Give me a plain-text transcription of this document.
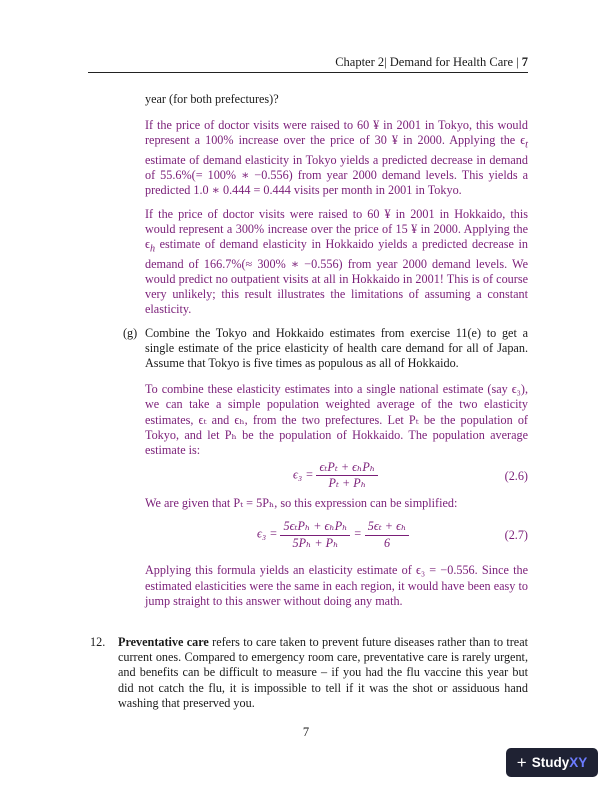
Chapter 2| Demand for Health Care | 7

year (for both prefectures)?

If the price of doctor visits were raised to 60 ¥ in 2001 in Tokyo, this would represent a 100% increase over the price of 30 ¥ in 2000. Applying the $\epsilon_t$ estimate of demand elasticity in Tokyo yields a predicted decrease in demand of 55.6%(= 100% ∗ −0.556) from year 2000 demand levels. This yields a predicted 1.0 ∗ 0.444 = 0.444 visits per month in 2001 in Tokyo.

If the price of doctor visits were raised to 60 ¥ in 2001 in Hokkaido, this would represent a 300% increase over the price of 15 ¥ in 2000. Applying the $\epsilon_h$ estimate of demand elasticity in Hokkaido yields a predicted decrease in demand of 166.7%(≈ 300% ∗ −0.556) from year 2000 demand levels. We would predict no outpatient visits at all in Hokkaido in 2001! This is of course very unlikely; this result illustrates the limitations of assuming a constant elasticity.

(g) Combine the Tokyo and Hokkaido estimates from exercise 11(e) to get a single estimate of the price elasticity of health care demand for all of Japan. Assume that Tokyo is five times as populous as all of Hokkaido.

To combine these elasticity estimates into a single national estimate (say ϵ₃), we can take a simple population weighted average of the two elasticity estimates, ϵₜ and ϵₕ, from the two prefectures. Let Pₜ be the population of Tokyo, and let Pₕ be the population of Hokkaido. The population average estimate is:

$\epsilon_3 = \frac{\text{ϵₜPₜ + ϵₕPₕ}}{\text{Pₜ + Pₕ}}$	(2.6)

We are given that Pₜ = 5Pₕ, so this expression can be simplified:

$\epsilon_3 = \frac{\text{5ϵₜPₕ + ϵₕPₕ}}{\text{5Pₕ + Pₕ}} = \frac{\text{5ϵₜ + ϵₕ}}{6}$	(2.7)

Applying this formula yields an elasticity estimate of ϵ₃ = −0.556. Since the estimated elasticities were the same in each region, it would have been easy to jump straight to this answer without doing any math.

12. Preventative care refers to care taken to prevent future diseases rather than to treat current ones. Compared to emergency room care, preventative care is rarely urgent, and benefits can be difficult to measure – if you had the flu vaccine this year but did not catch the flu, it is impossible to tell if it was the shot or assiduous hand washing that preserved you.

7
+ StudyXY
